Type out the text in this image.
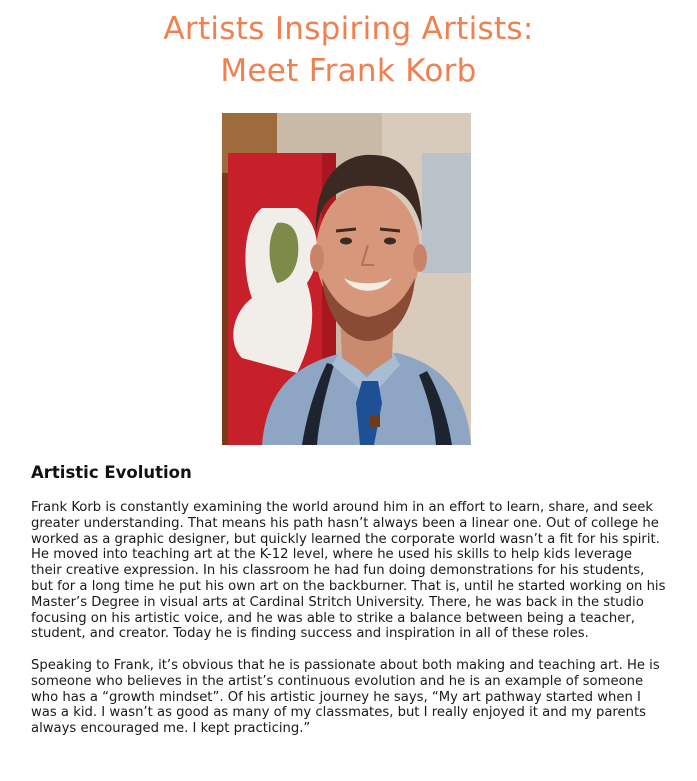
Artists Inspiring Artists:
Meet Frank Korb
Artistic Evolution

Frank Korb is constantly examining the world around him in an effort to learn, share, and seek greater understanding. That means his path hasn’t always been a linear one. Out of college he worked as a graphic designer, but quickly learned the corporate world wasn’t a fit for his spirit. He moved into teaching art at the K-12 level, where he used his skills to help kids leverage their creative expression. In his classroom he had fun doing demonstrations for his students, but for a long time he put his own art on the backburner. That is, until he started working on his Master’s Degree in visual arts at Cardinal Stritch University. There, he was back in the studio focusing on his artistic voice, and he was able to strike a balance between being a teacher, student, and creator. Today he is finding success and inspiration in all of these roles.

Speaking to Frank, it’s obvious that he is passionate about both making and teaching art. He is someone who believes in the artist’s continuous evolution and he is an example of someone who has a “growth mindset”. Of his artistic journey he says, “My art pathway started when I was a kid. I wasn’t as good as many of my classmates, but I really enjoyed it and my parents always encouraged me. I kept practicing.”
